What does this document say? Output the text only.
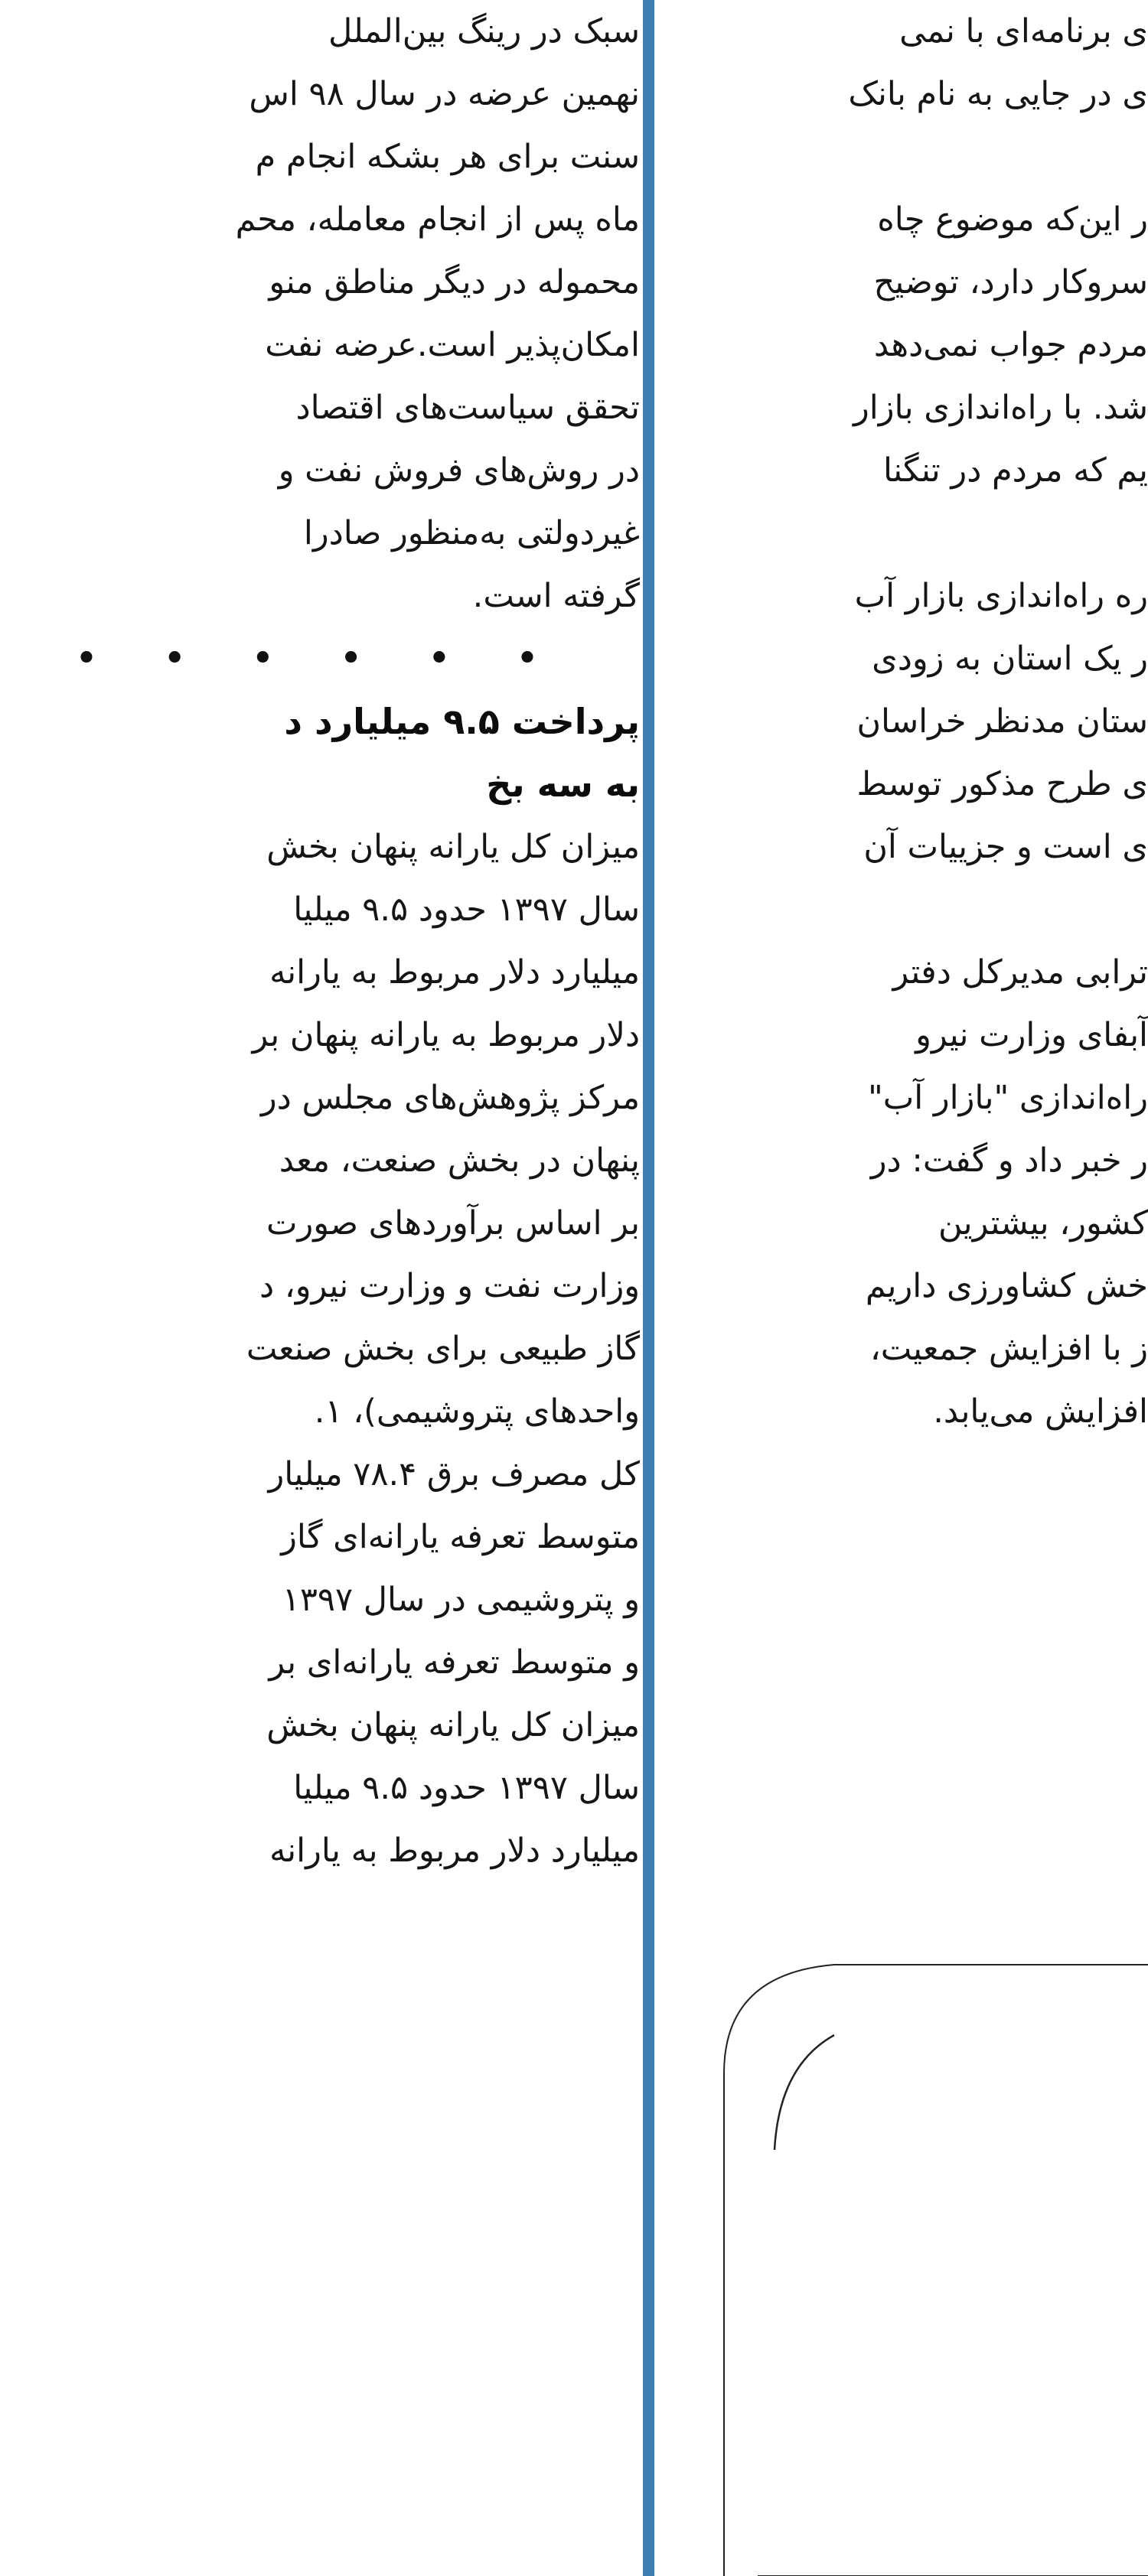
سبک در رینگ بین‌الملل

نهمین عرضه در سال ۹۸ اس

سنت برای هر بشکه انجام م

ماه پس از انجام معامله، محم

محموله در دیگر مناطق منو

امکان‌پذیر است.عرضه نفت

تحقق سیاست‌های اقتصاد

در روش‌های فروش نفت و

غیردولتی به‌منظور صادرا

گرفته است.

• • • • • •

پرداخت ۹.۵ میلیارد د

به سه بخ

میزان کل یارانه پنهان بخش

سال ۱۳۹۷ حدود ۹.۵ میلیا

میلیارد دلار مربوط به یارانه

دلار مربوط به یارانه پنهان بر

مرکز پژوهش‌های مجلس در

پنهان در بخش صنعت، معد

بر اساس برآوردهای صورت

وزارت نفت و وزارت نیرو، د

گاز طبیعی برای بخش صنعت

واحدهای پتروشیمی)، ۱.

کل مصرف برق ۷۸.۴ میلیار

متوسط تعرفه یارانه‌ای گاز

و پتروشیمی در سال ۱۳۹۷

و متوسط تعرفه یارانه‌ای بر

میزان کل یارانه پنهان بخش

سال ۱۳۹۷ حدود ۹.۵ میلیا

میلیارد دلار مربوط به یارانه

ی برنامه‌ای با نمی

ی در جایی به نام بانک

ر این‌که موضوع چاه

سروکار دارد، توضیح

مردم جواب نمی‌دهد

شد. با راه‌اندازی بازار

یم که مردم در تنگنا

ره راه‌اندازی بازار آب

ر یک استان به زودی

ستان مدنظر خراسان

ی طرح مذکور توسط

ی است و جزییات آن

ترابی مدیرکل دفتر

آبفای وزارت نیرو

راه‌اندازی "بازار آب"

ر خبر داد و گفت: در

کشور، بیشترین

خش کشاورزی داریم

ز با افزایش جمعیت،

افزایش می‌یابد.
